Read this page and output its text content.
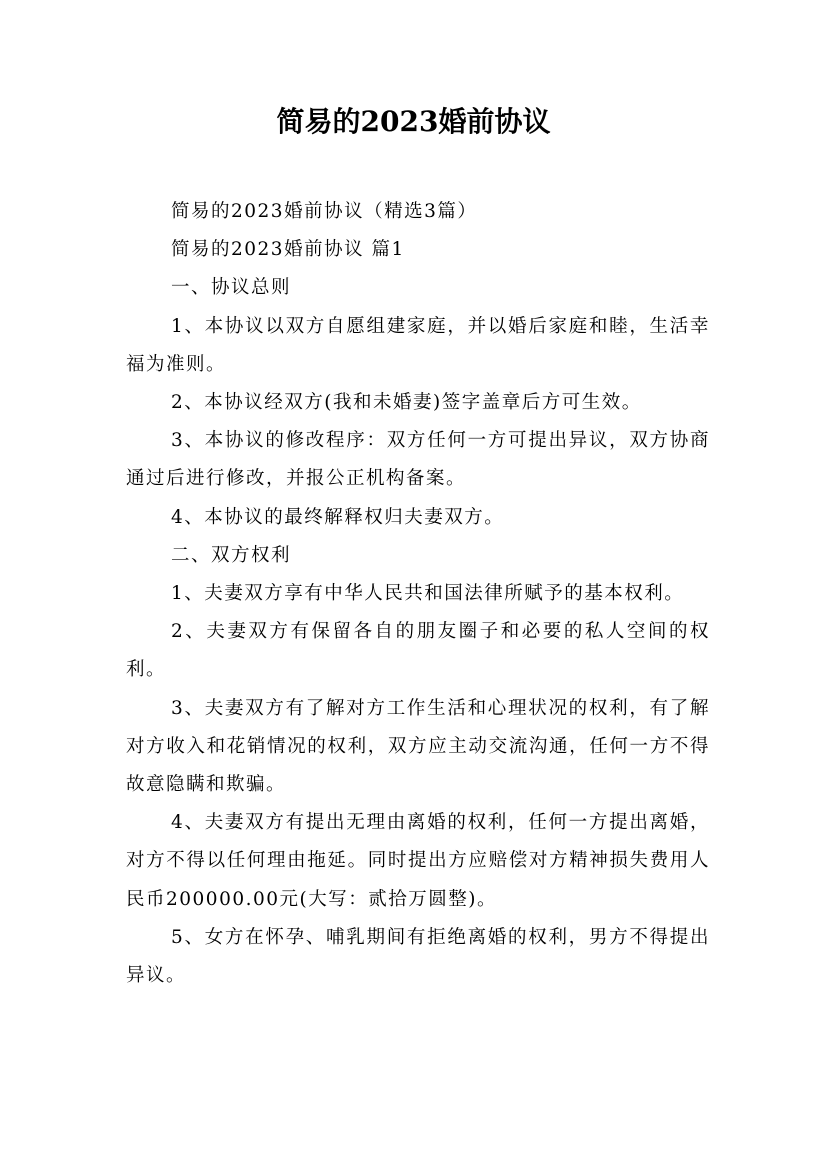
简易的2023婚前协议

简易的2023婚前协议（精选3篇）

简易的2023婚前协议 篇1

一、协议总则

1、本协议以双方自愿组建家庭，并以婚后家庭和睦，生活幸福为准则。

2、本协议经双方(我和未婚妻)签字盖章后方可生效。

3、本协议的修改程序：双方任何一方可提出异议，双方协商通过后进行修改，并报公正机构备案。

4、本协议的最终解释权归夫妻双方。

二、双方权利

1、夫妻双方享有中华人民共和国法律所赋予的基本权利。

2、夫妻双方有保留各自的朋友圈子和必要的私人空间的权利。

3、夫妻双方有了解对方工作生活和心理状况的权利，有了解对方收入和花销情况的权利，双方应主动交流沟通，任何一方不得故意隐瞒和欺骗。

4、夫妻双方有提出无理由离婚的权利，任何一方提出离婚，对方不得以任何理由拖延。同时提出方应赔偿对方精神损失费用人民币200000.00元(大写：贰拾万圆整)。

5、女方在怀孕、哺乳期间有拒绝离婚的权利，男方不得提出异议。
